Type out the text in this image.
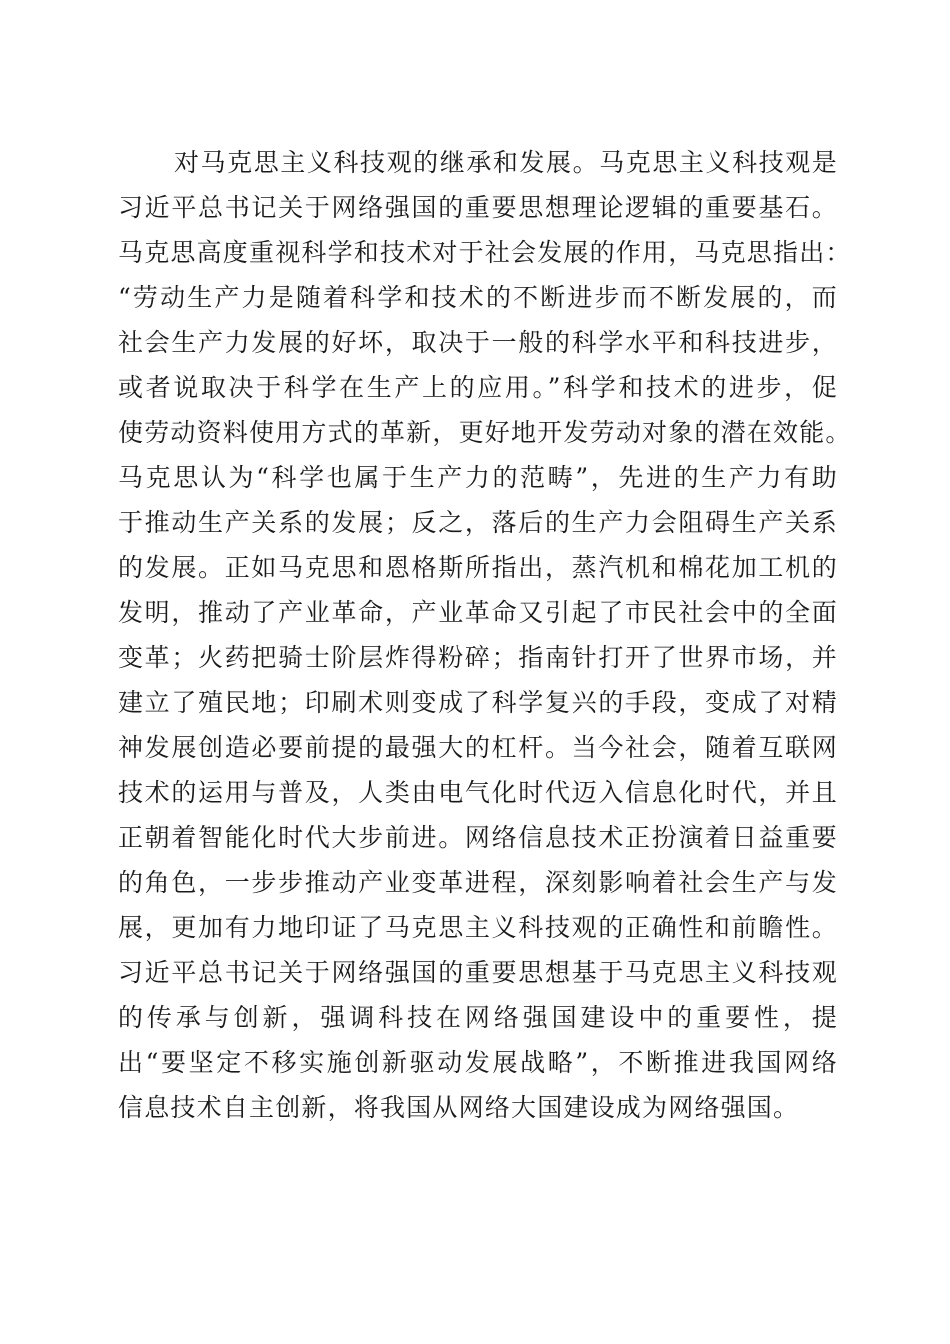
对马克思主义科技观的继承和发展。马克思主义科技观是
习近平总书记关于网络强国的重要思想理论逻辑的重要基石。
马克思高度重视科学和技术对于社会发展的作用，马克思指出：
“劳动生产力是随着科学和技术的不断进步而不断发展的，而
社会生产力发展的好坏，取决于一般的科学水平和科技进步，
或者说取决于科学在生产上的应用。”科学和技术的进步，促
使劳动资料使用方式的革新，更好地开发劳动对象的潜在效能。
马克思认为“科学也属于生产力的范畴”，先进的生产力有助
于推动生产关系的发展；反之，落后的生产力会阻碍生产关系
的发展。正如马克思和恩格斯所指出，蒸汽机和棉花加工机的
发明，推动了产业革命，产业革命又引起了市民社会中的全面
变革；火药把骑士阶层炸得粉碎；指南针打开了世界市场，并
建立了殖民地；印刷术则变成了科学复兴的手段，变成了对精
神发展创造必要前提的最强大的杠杆。当今社会，随着互联网
技术的运用与普及，人类由电气化时代迈入信息化时代，并且
正朝着智能化时代大步前进。网络信息技术正扮演着日益重要
的角色，一步步推动产业变革进程，深刻影响着社会生产与发
展，更加有力地印证了马克思主义科技观的正确性和前瞻性。
习近平总书记关于网络强国的重要思想基于马克思主义科技观
的传承与创新，强调科技在网络强国建设中的重要性，提
出“要坚定不移实施创新驱动发展战略”，不断推进我国网络
信息技术自主创新，将我国从网络大国建设成为网络强国。
